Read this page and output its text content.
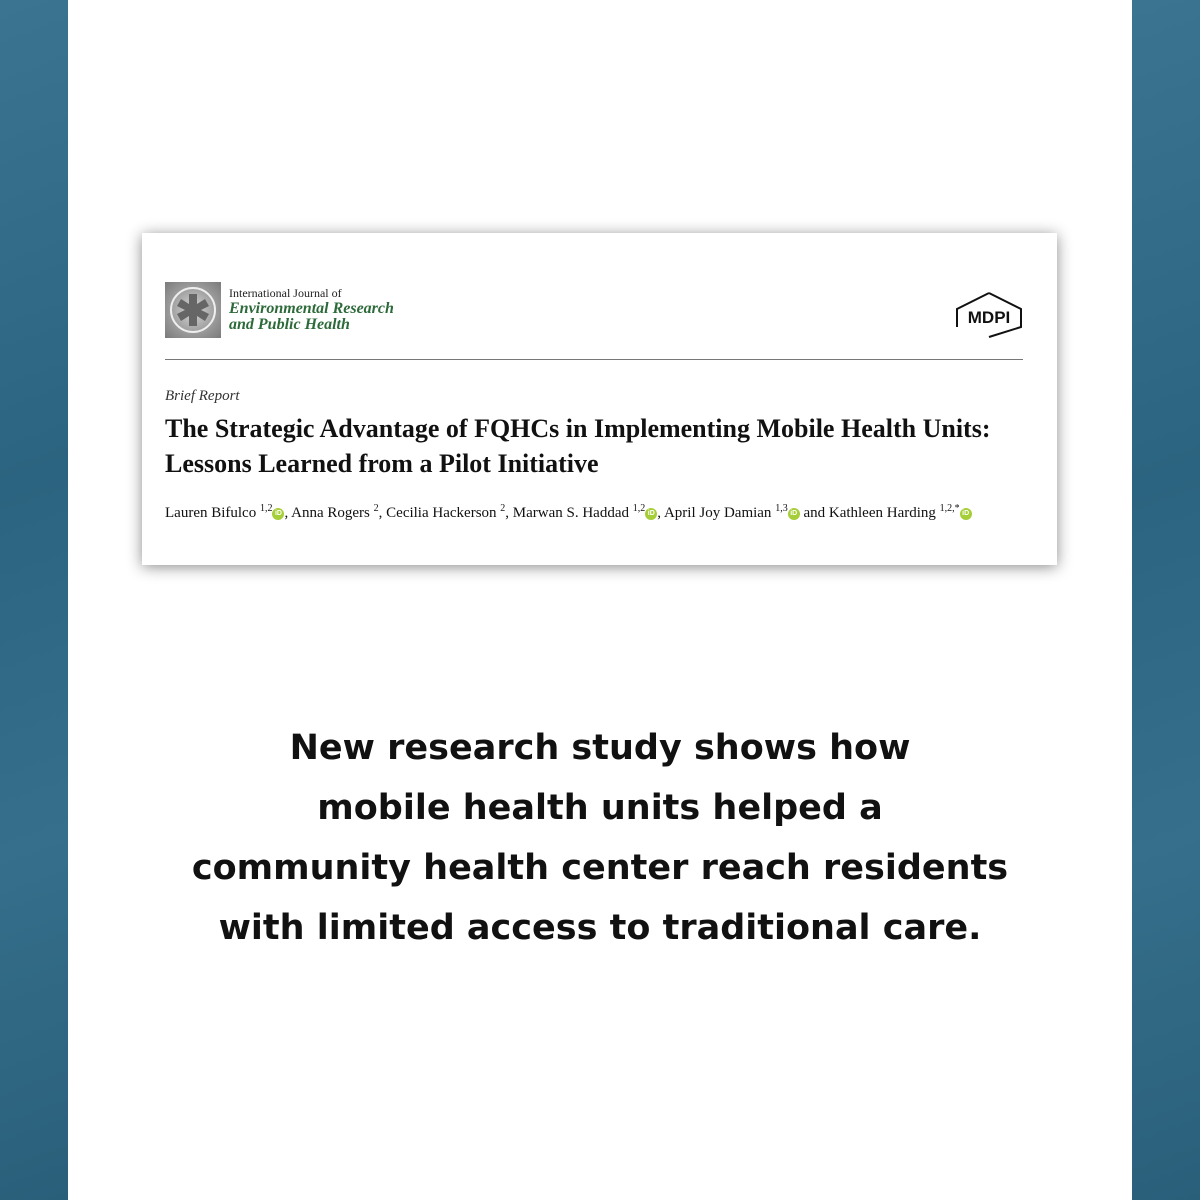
International Journal of
Environmental Research
and Public Health	MDPI
Brief Report
The Strategic Advantage of FQHCs in Implementing Mobile Health Units: Lessons Learned from a Pilot Initiative
Lauren Bifulco $^{1,2}$ iD , Anna Rogers $^2$, Cecilia Hackerson $^2$, Marwan S. Haddad $^{1,2}$ iD , April Joy Damian $^{1,3}$ iD and Kathleen Harding $^{1,2,*}$ iD
New research study shows how
mobile health units helped a
community health center reach residents
with limited access to traditional care.
